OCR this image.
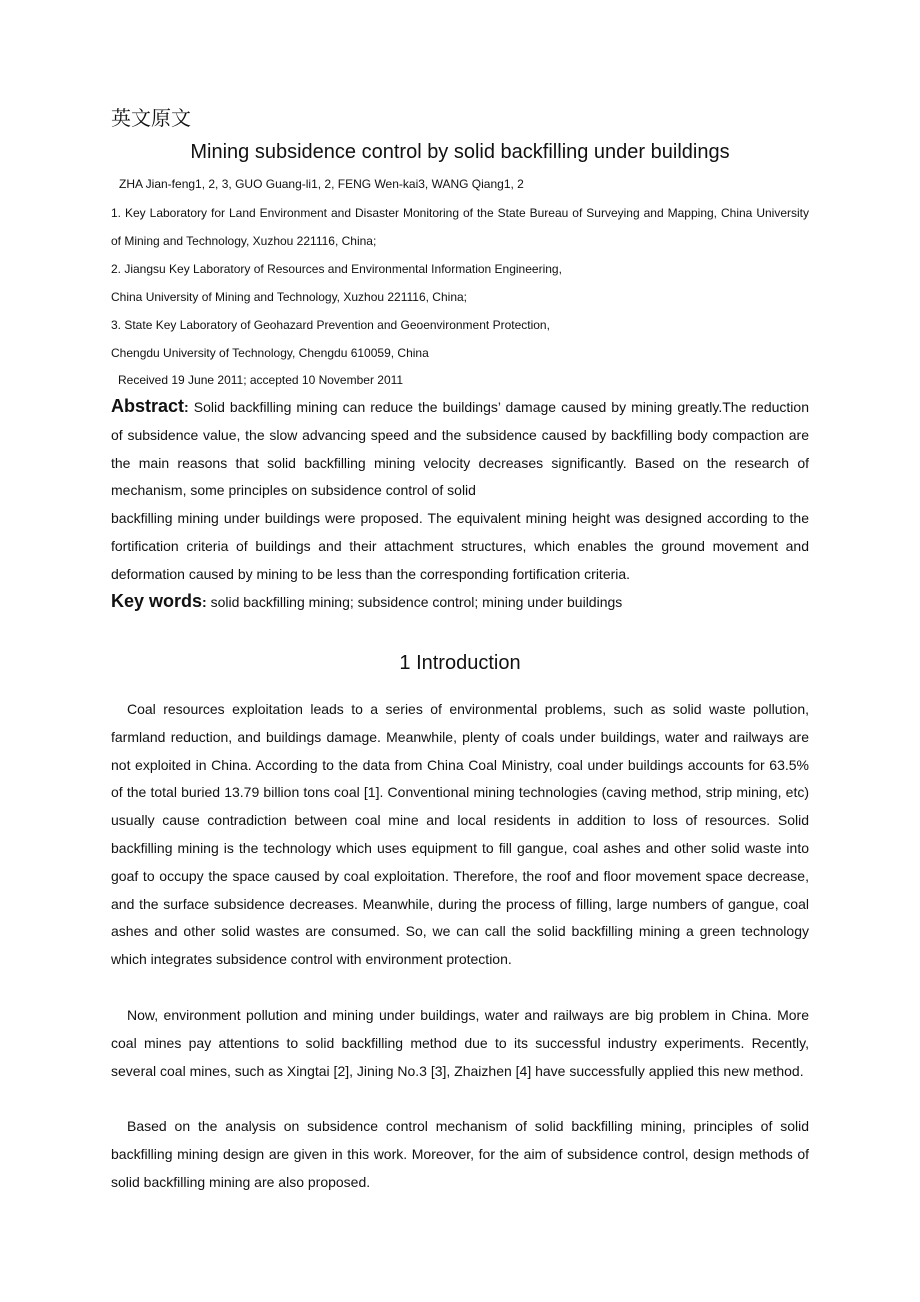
英文原文
Mining subsidence control by solid backfilling under buildings
ZHA Jian-feng1, 2, 3, GUO Guang-li1, 2, FENG Wen-kai3, WANG Qiang1, 2
1. Key Laboratory for Land Environment and Disaster Monitoring of the State Bureau of Surveying and Mapping, China University of Mining and Technology, Xuzhou 221116, China;
2. Jiangsu Key Laboratory of Resources and Environmental Information Engineering,
China University of Mining and Technology, Xuzhou 221116, China;
3. State Key Laboratory of Geohazard Prevention and Geoenvironment Protection,
Chengdu University of Technology, Chengdu 610059, China
Received 19 June 2011; accepted 10 November 2011
Abstract: Solid backfilling mining can reduce the buildings’ damage caused by mining greatly.The reduction of subsidence value, the slow advancing speed and the subsidence caused by backfilling body compaction are the main reasons that solid backfilling mining velocity decreases significantly. Based on the research of mechanism, some principles on subsidence control of solid
backfilling mining under buildings were proposed. The equivalent mining height was designed according to the fortification criteria of buildings and their attachment structures, which enables the ground movement and deformation caused by mining to be less than the corresponding fortification criteria.
Key words: solid backfilling mining; subsidence control; mining under buildings
1 Introduction
Coal resources exploitation leads to a series of environmental problems, such as solid waste pollution, farmland reduction, and buildings damage. Meanwhile, plenty of coals under buildings, water and railways are not exploited in China. According to the data from China Coal Ministry, coal under buildings accounts for 63.5% of the total buried 13.79 billion tons coal [1]. Conventional mining technologies (caving method, strip mining, etc) usually cause contradiction between coal mine and local residents in addition to loss of resources. Solid backfilling mining is the technology which uses equipment to fill gangue, coal ashes and other solid waste into goaf to occupy the space caused by coal exploitation. Therefore, the roof and floor movement space decrease, and the surface subsidence decreases. Meanwhile, during the process of filling, large numbers of gangue, coal ashes and other solid wastes are consumed. So, we can call the solid backfilling mining a green technology which integrates subsidence control with environment protection.
Now, environment pollution and mining under buildings, water and railways are big problem in China. More coal mines pay attentions to solid backfilling method due to its successful industry experiments. Recently, several coal mines, such as Xingtai [2], Jining No.3 [3], Zhaizhen [4] have successfully applied this new method.
Based on the analysis on subsidence control mechanism of solid backfilling mining, principles of solid backfilling mining design are given in this work. Moreover, for the aim of subsidence control, design methods of solid backfilling mining are also proposed.
